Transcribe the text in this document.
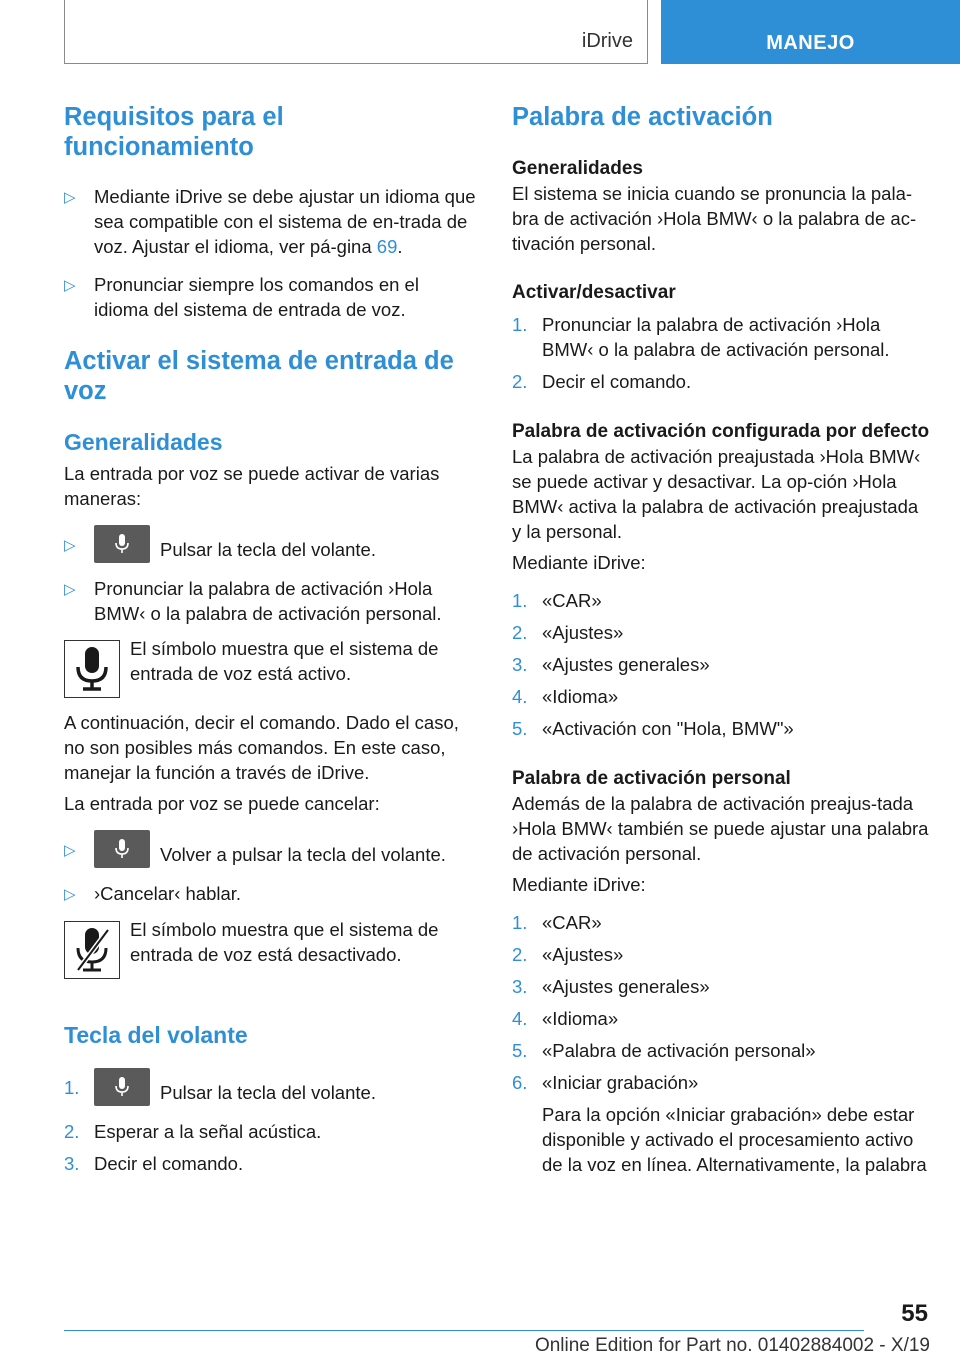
iDrive	MANEJO
Requisitos para el funcionamiento
▷ Mediante iDrive se debe ajustar un idioma que sea compatible con el sistema de en-trada de voz. Ajustar el idioma, ver pá-gina 69.
▷ Pronunciar siempre los comandos en el idioma del sistema de entrada de voz.
Activar el sistema de entrada de voz
Generalidades

La entrada por voz se puede activar de varias maneras:

▷	Pulsar la tecla del volante.
▷ Pronunciar la palabra de activación ›Hola BMW‹ o la palabra de activación personal.
El símbolo muestra que el sistema de entrada de voz está activo.

A continuación, decir el comando. Dado el caso, no son posibles más comandos. En este caso, manejar la función a través de iDrive.

La entrada por voz se puede cancelar:

▷	Volver a pulsar la tecla del volante.
▷ ›Cancelar‹ hablar.
El símbolo muestra que el sistema de entrada de voz está desactivado.
Tecla del volante
1.	Pulsar la tecla del volante.
2. Esperar a la señal acústica.
3. Decir el comando.
Palabra de activación
Generalidades

El sistema se inicia cuando se pronuncia la pala-bra de activación ›Hola BMW‹ o la palabra de ac-tivación personal.

Activar/desactivar
1. Pronunciar la palabra de activación ›Hola BMW‹ o la palabra de activación personal.
2. Decir el comando.
Palabra de activación configurada por defecto

La palabra de activación preajustada ›Hola BMW‹ se puede activar y desactivar. La op-ción ›Hola BMW‹ activa la palabra de activación preajustada y la personal.

Mediante iDrive:

1. «CAR»
2. «Ajustes»
3. «Ajustes generales»
4. «Idioma»
5. «Activación con "Hola, BMW"»
Palabra de activación personal

Además de la palabra de activación preajus-tada ›Hola BMW‹ también se puede ajustar una palabra de activación personal.

Mediante iDrive:

1. «CAR»
2. «Ajustes»
3. «Ajustes generales»
4. «Idioma»
5. «Palabra de activación personal»
6. «Iniciar grabación»

Para la opción «Iniciar grabación» debe estar disponible y activado el procesamiento activo de la voz en línea. Alternativamente, la palabra

55
Online Edition for Part no. 01402884002 - X/19
